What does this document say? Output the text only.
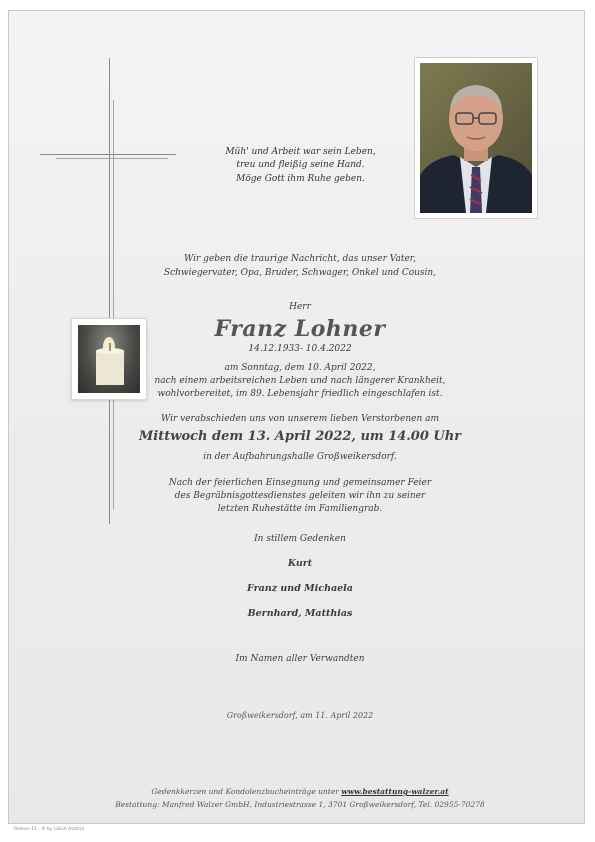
Müh' und Arbeit war sein Leben,
treu und fleißig seine Hand.
Möge Gott ihm Ruhe geben.
Wir geben die traurige Nachricht, das unser Vater,
Schwiegervater, Opa, Bruder, Schwager, Onkel und Cousin,
Herr
Franz Lohner
14.12.1933- 10.4.2022
am Sonntag, dem 10. April 2022,
nach einem arbeitsreichen Leben und nach längerer Krankheit,
wohlvorbereitet, im 89. Lebensjahr friedlich eingeschlafen ist.
Wir verabschieden uns von unserem lieben Verstorbenen am
Mittwoch dem 13. April 2022, um 14.00 Uhr
in der Aufbahrungshalle Großweikersdorf.
Nach der feierlichen Einsegnung und gemeinsamer Feier
des Begräbnisgottesdienstes geleiten wir ihn zu seiner
letzten Ruhestätte im Familiengrab.
In stillem Gedenken
Kurt
Franz und Michaela
Bernhard, Matthias
Im Namen aller Verwandten
Großweikersdorf, am 11. April 2022
Gedenkkerzen und Kondolenzbucheinträge unter www.bestattung-walzer.at
Bestattung: Manfred Walzer GmbH, Industriestrasse 1, 3701 Großweikersdorf, Tel. 02955-70278
Roman 11 · ® by Lösch Austria
